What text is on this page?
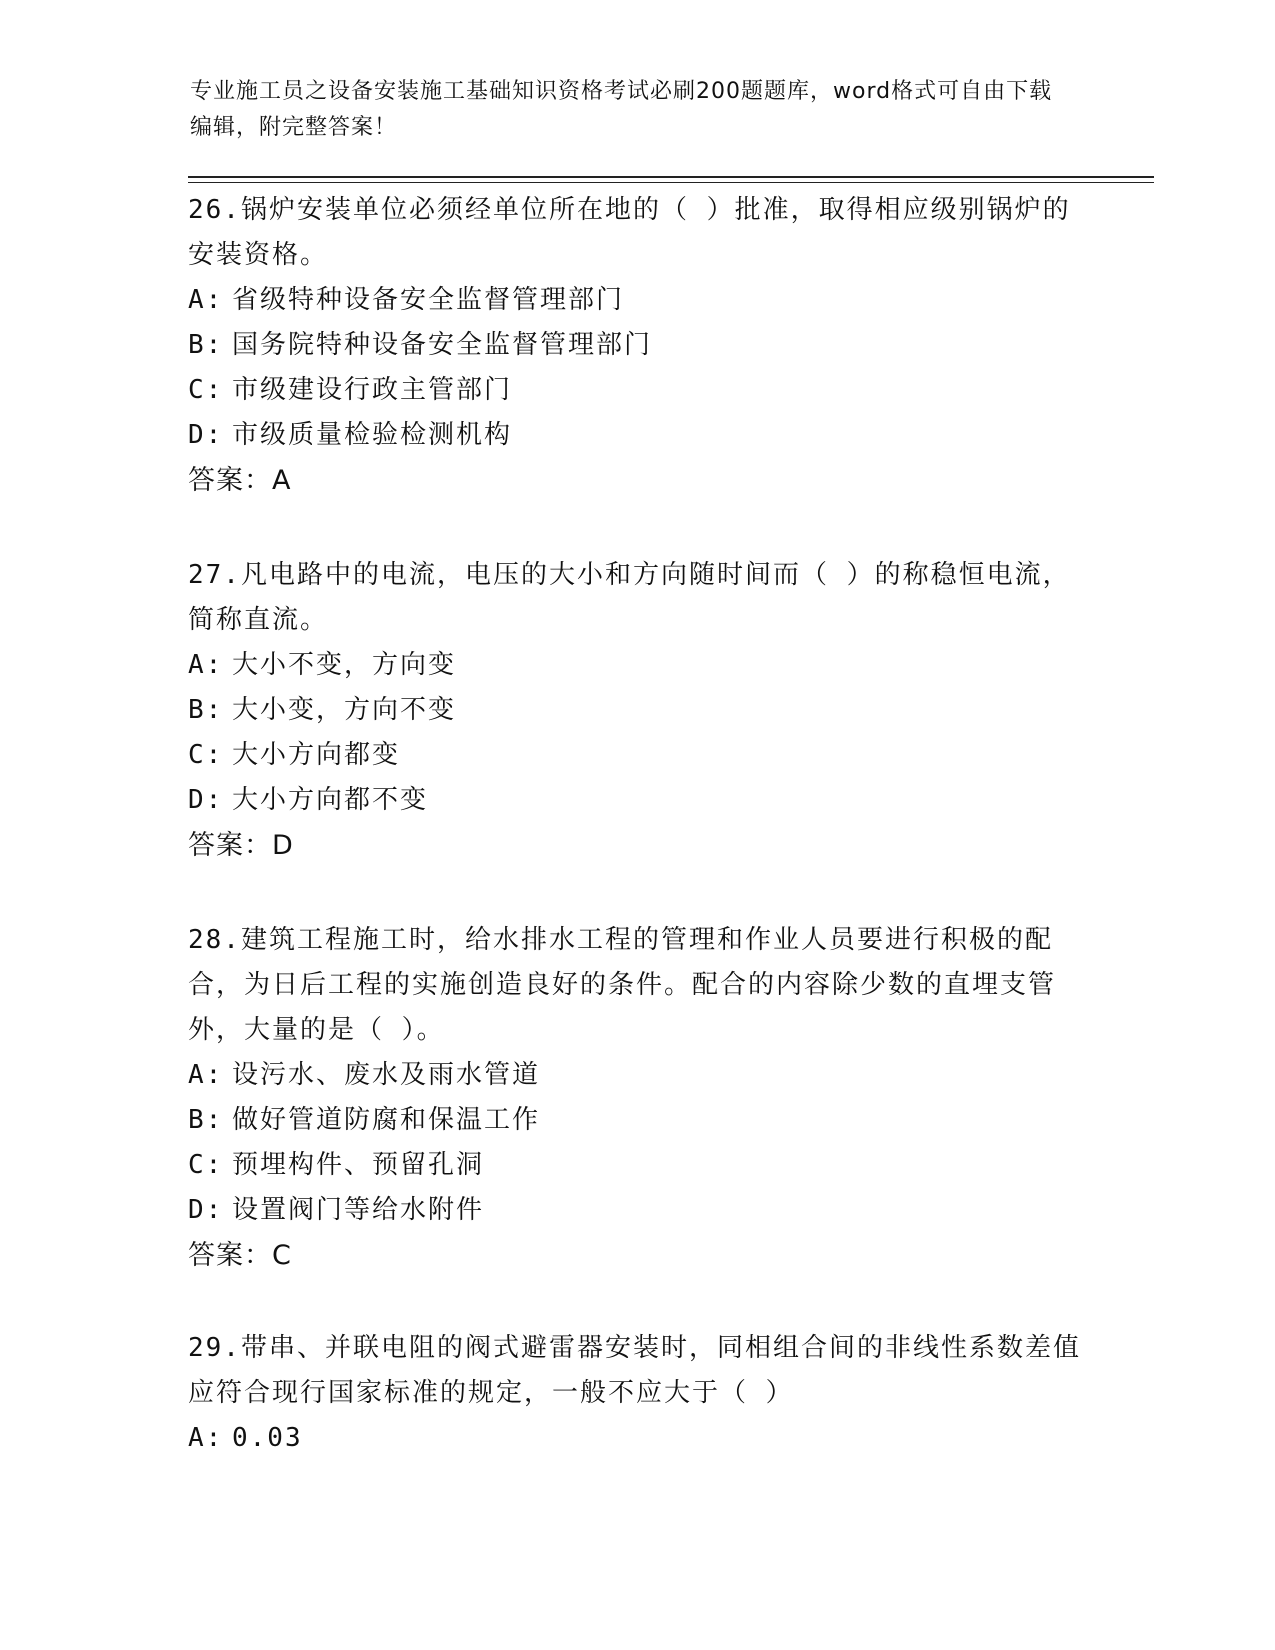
专业施工员之设备安装施工基础知识资格考试必刷200题题库，word格式可自由下载编辑，附完整答案！

26.锅炉安装单位必须经单位所在地的（ ）批准，取得相应级别锅炉的安装资格。

A: 省级特种设备安全监督管理部门

B: 国务院特种设备安全监督管理部门

C: 市级建设行政主管部门

D: 市级质量检验检测机构

答案：A

27.凡电路中的电流，电压的大小和方向随时间而（ ）的称稳恒电流，简称直流。

A: 大小不变，方向变

B: 大小变，方向不变

C: 大小方向都变

D: 大小方向都不变

答案：D

28.建筑工程施工时，给水排水工程的管理和作业人员要进行积极的配合，为日后工程的实施创造良好的条件。配合的内容除少数的直埋支管外，大量的是（ ）。

A: 设污水、废水及雨水管道

B: 做好管道防腐和保温工作

C: 预埋构件、预留孔洞

D: 设置阀门等给水附件

答案：C

29.带串、并联电阻的阀式避雷器安装时，同相组合间的非线性系数差值应符合现行国家标准的规定，一般不应大于（ ）

A: 0.03
